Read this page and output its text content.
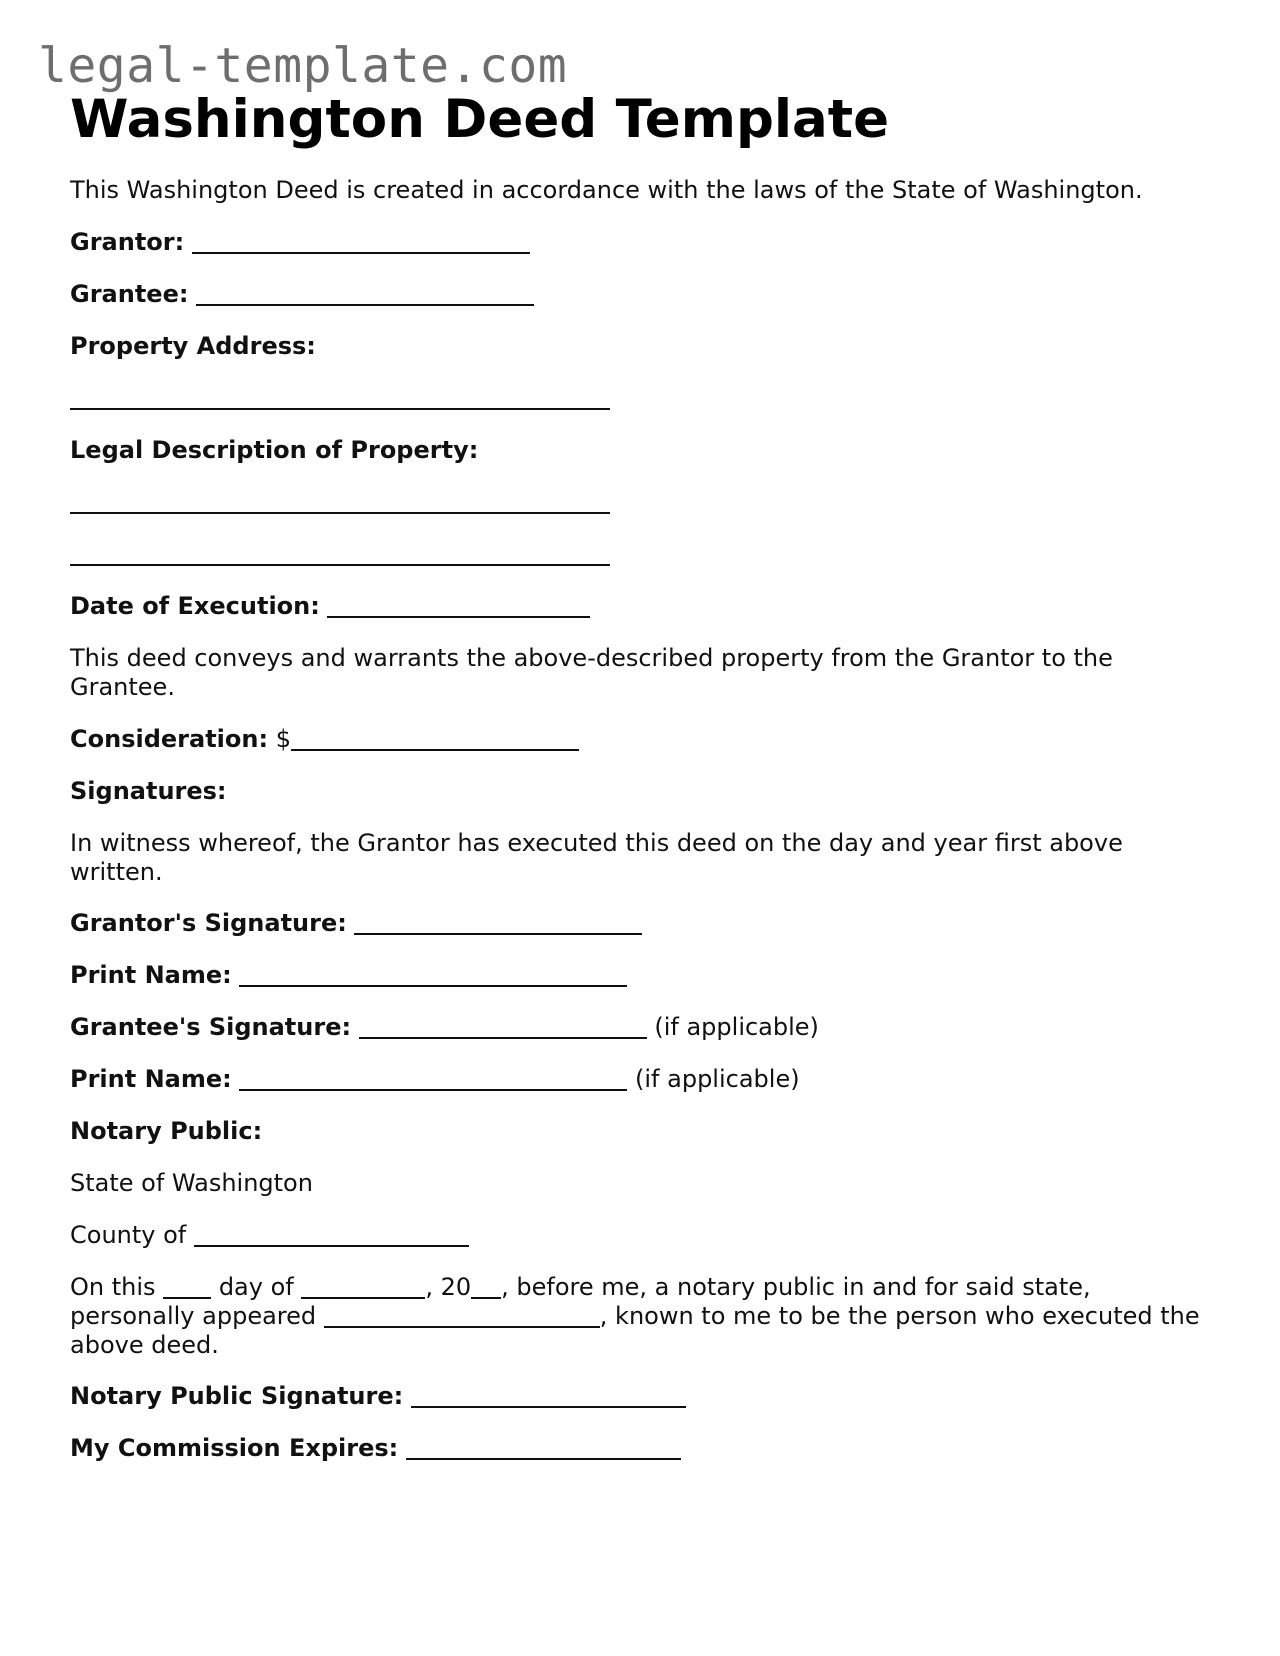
legal-template.com
Washington Deed Template
This Washington Deed is created in accordance with the laws of the State of Washington.
Grantor:
Grantee:
Property Address:
Legal Description of Property:
Date of Execution:
This deed conveys and warrants the above-described property from the Grantor to the Grantee.
Consideration: $
Signatures:
In witness whereof, the Grantor has executed this deed on the day and year first above written.
Grantor's Signature:
Print Name:
Grantee's Signature:	(if applicable)
Print Name:	(if applicable)
Notary Public:
State of Washington
County of
On this	day of	, 20 , before me, a notary public in and for said state, personally appeared	, known to me to be the person who executed the above deed.
Notary Public Signature:
My Commission Expires:
